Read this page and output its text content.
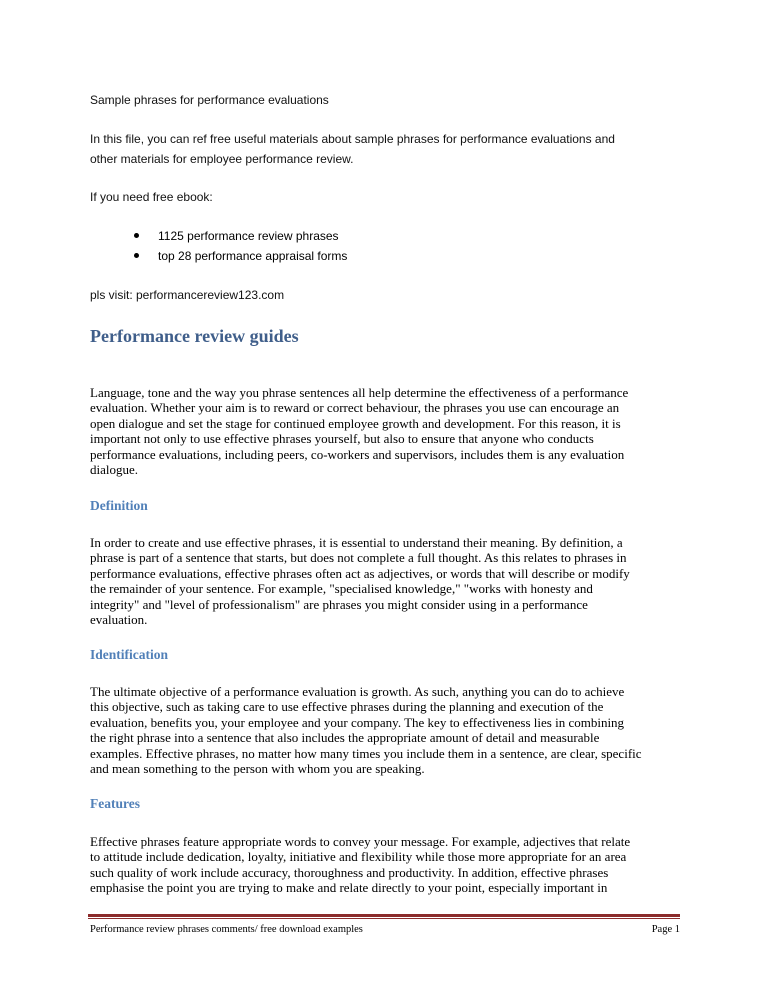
Sample phrases for performance evaluations
In this file, you can ref free useful materials about sample phrases for performance evaluations and
other materials for employee performance review.
If you need free ebook:
1125 performance review phrases
top 28 performance appraisal forms
pls visit: performancereview123.com
Performance review guides
Language, tone and the way you phrase sentences all help determine the effectiveness of a performance
evaluation. Whether your aim is to reward or correct behaviour, the phrases you use can encourage an
open dialogue and set the stage for continued employee growth and development. For this reason, it is
important not only to use effective phrases yourself, but also to ensure that anyone who conducts
performance evaluations, including peers, co-workers and supervisors, includes them is any evaluation
dialogue.
Definition
In order to create and use effective phrases, it is essential to understand their meaning. By definition, a
phrase is part of a sentence that starts, but does not complete a full thought. As this relates to phrases in
performance evaluations, effective phrases often act as adjectives, or words that will describe or modify
the remainder of your sentence. For example, "specialised knowledge," "works with honesty and
integrity" and "level of professionalism" are phrases you might consider using in a performance
evaluation.
Identification
The ultimate objective of a performance evaluation is growth. As such, anything you can do to achieve
this objective, such as taking care to use effective phrases during the planning and execution of the
evaluation, benefits you, your employee and your company. The key to effectiveness lies in combining
the right phrase into a sentence that also includes the appropriate amount of detail and measurable
examples. Effective phrases, no matter how many times you include them in a sentence, are clear, specific
and mean something to the person with whom you are speaking.
Features
Effective phrases feature appropriate words to convey your message. For example, adjectives that relate
to attitude include dedication, loyalty, initiative and flexibility while those more appropriate for an area
such quality of work include accuracy, thoroughness and productivity. In addition, effective phrases
emphasise the point you are trying to make and relate directly to your point, especially important in
Performance review phrases comments/ free download examples	Page 1
